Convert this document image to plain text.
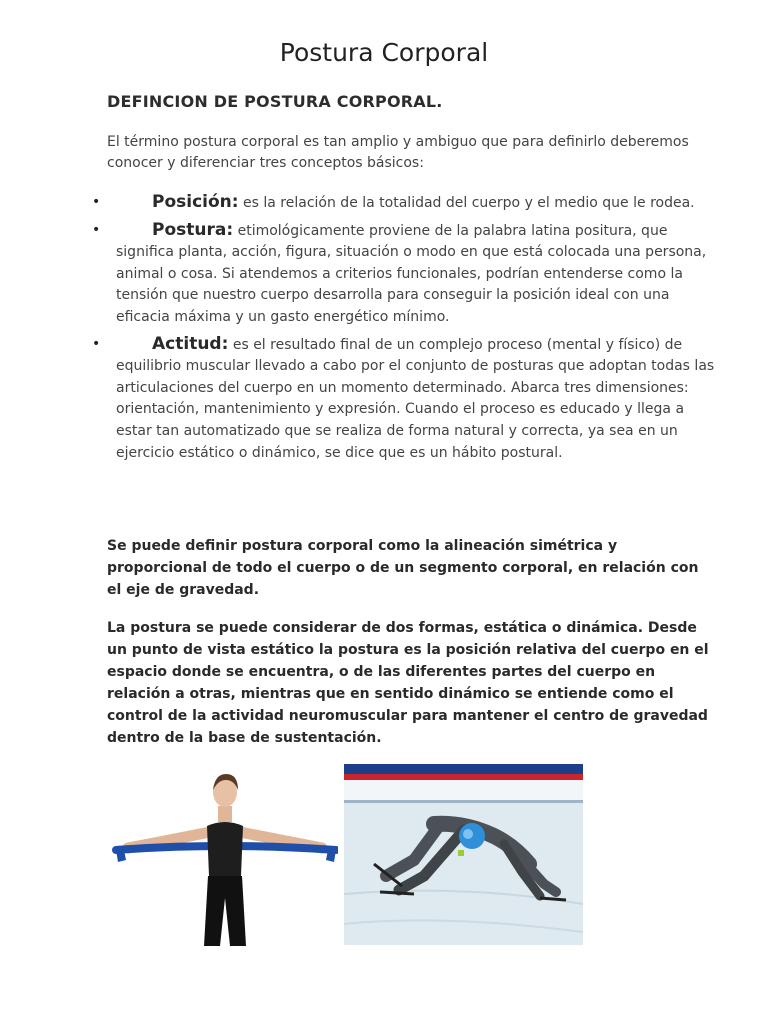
Postura Corporal
DEFINCION DE POSTURA CORPORAL.

El término postura corporal es tan amplio y ambiguo que para definirlo deberemos conocer y diferenciar tres conceptos básicos:

•	Posición: es la relación de la totalidad del cuerpo y el medio que le rodea.
•	Postura: etimológicamente proviene de la palabra latina positura, que significa planta, acción, figura, situación o modo en que está colocada una persona, animal o cosa. Si atendemos a criterios funcionales, podrían entenderse como la tensión que nuestro cuerpo desarrolla para conseguir la posición ideal con una eficacia máxima y un gasto energético mínimo.
•	Actitud: es el resultado final de un complejo proceso (mental y físico) de equilibrio muscular llevado a cabo por el conjunto de posturas que adoptan todas las articulaciones del cuerpo en un momento determinado. Abarca tres dimensiones: orientación, mantenimiento y expresión. Cuando el proceso es educado y llega a estar tan automatizado que se realiza de forma natural y correcta, ya sea en un ejercicio estático o dinámico, se dice que es un hábito postural.

Se puede definir postura corporal como la alineación simétrica y proporcional de todo el cuerpo o de un segmento corporal, en relación con el eje de gravedad.

La postura se puede considerar de dos formas, estática o dinámica. Desde un punto de vista estático la postura es la posición relativa del cuerpo en el espacio donde se encuentra, o de las diferentes partes del cuerpo en relación a otras, mientras que en sentido dinámico se entiende como el control de la actividad neuromuscular para mantener el centro de gravedad dentro de la base de sustentación.
